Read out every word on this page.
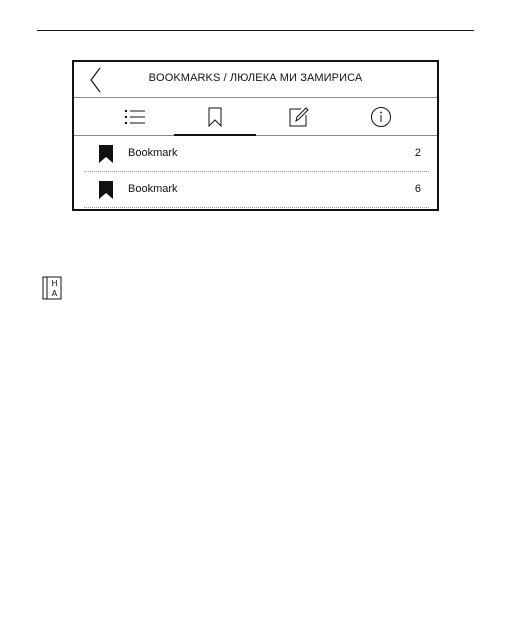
BOOKMARKS / ЛЮЛЕКА МИ ЗАМИРИСА
Bookmark	2
Bookmark	6
H
A
